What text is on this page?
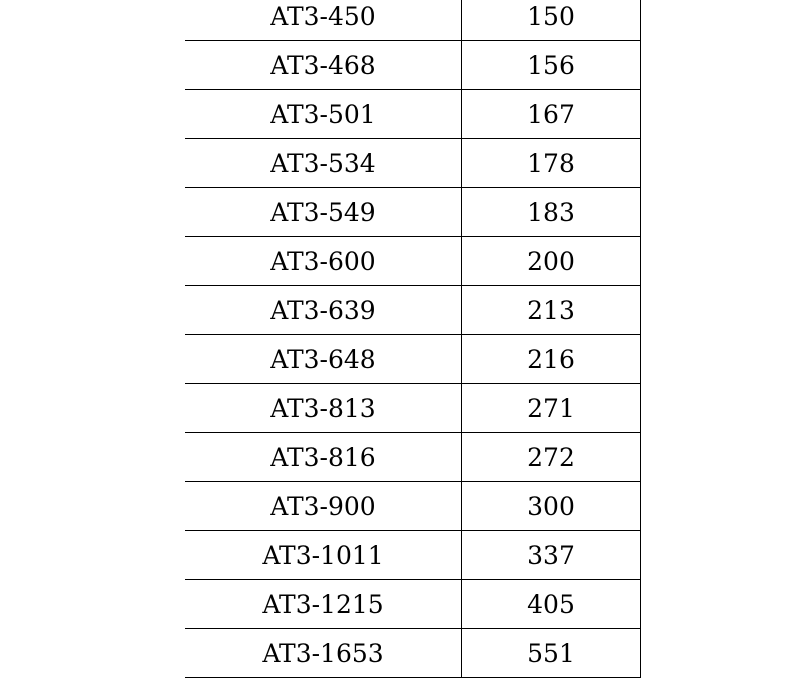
AT3-450	150
AT3-468	156
AT3-501	167
AT3-534	178
AT3-549	183
AT3-600	200
AT3-639	213
AT3-648	216
AT3-813	271
AT3-816	272
AT3-900	300
AT3-1011	337
AT3-1215	405
AT3-1653	551
